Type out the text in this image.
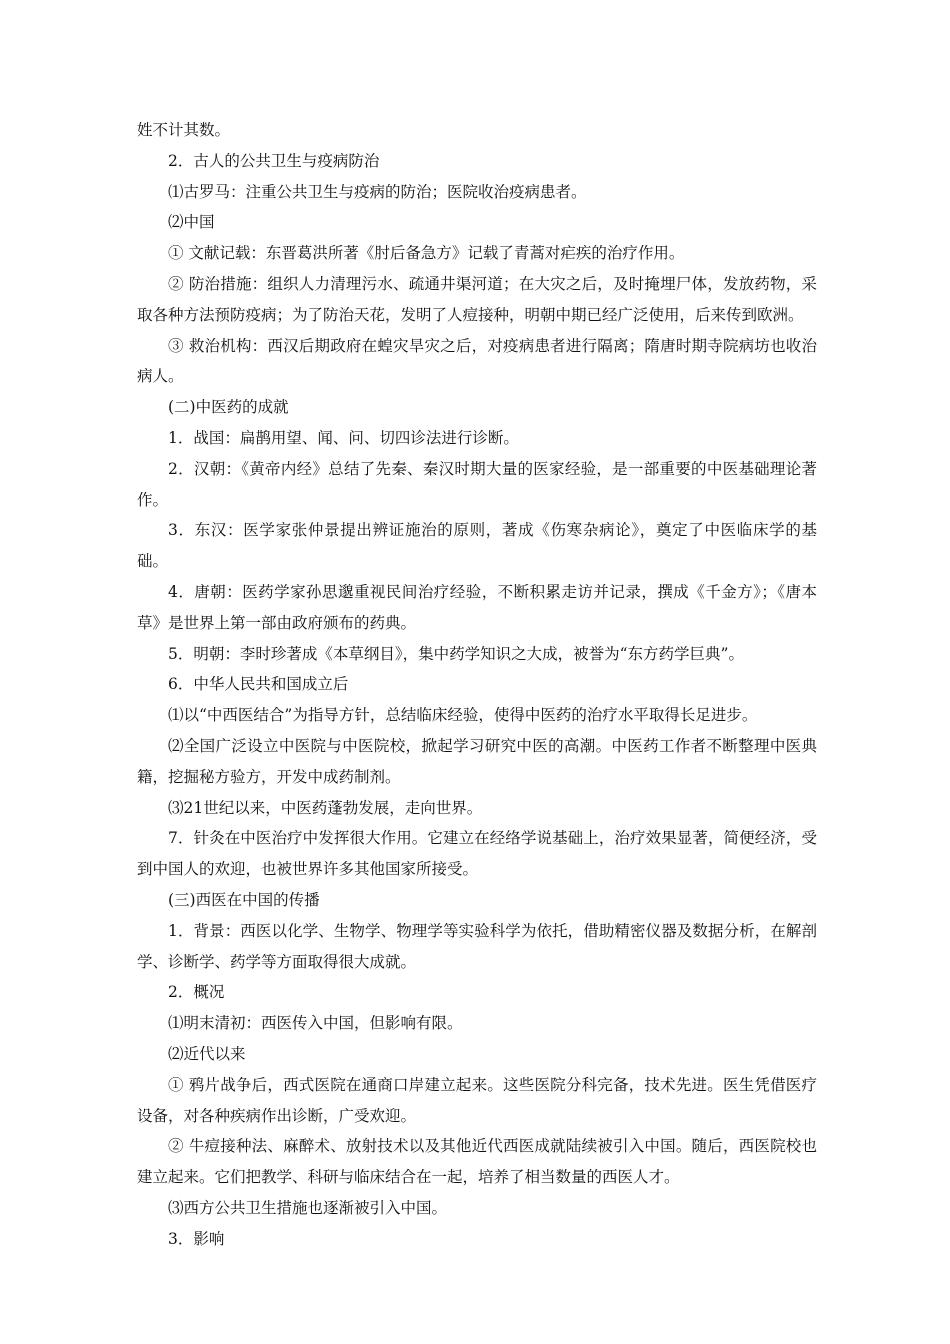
姓不计其数。

2．古人的公共卫生与疫病防治

⑴古罗马：注重公共卫生与疫病的防治；医院收治疫病患者。

⑵中国

① 文献记载：东晋葛洪所著《肘后备急方》记载了青蒿对疟疾的治疗作用。

② 防治措施：组织人力清理污水、疏通井渠河道；在大灾之后，及时掩埋尸体，发放药物，采取各种方法预防疫病；为了防治天花，发明了人痘接种，明朝中期已经广泛使用，后来传到欧洲。

③ 救治机构：西汉后期政府在蝗灾旱灾之后，对疫病患者进行隔离；隋唐时期寺院病坊也收治病人。

(二)中医药的成就

1．战国：扁鹊用望、闻、问、切四诊法进行诊断。

2．汉朝：《黄帝内经》总结了先秦、秦汉时期大量的医家经验，是一部重要的中医基础理论著作。

3．东汉：医学家张仲景提出辨证施治的原则，著成《伤寒杂病论》，奠定了中医临床学的基础。

4．唐朝：医药学家孙思邈重视民间治疗经验，不断积累走访并记录，撰成《千金方》；《唐本草》是世界上第一部由政府颁布的药典。

5．明朝：李时珍著成《本草纲目》，集中药学知识之大成，被誉为“东方药学巨典”。

6．中华人民共和国成立后

⑴以“中西医结合”为指导方针，总结临床经验，使得中医药的治疗水平取得长足进步。

⑵全国广泛设立中医院与中医院校，掀起学习研究中医的高潮。中医药工作者不断整理中医典籍，挖掘秘方验方，开发中成药制剂。

⑶21世纪以来，中医药蓬勃发展，走向世界。

7．针灸在中医治疗中发挥很大作用。它建立在经络学说基础上，治疗效果显著，简便经济，受到中国人的欢迎，也被世界许多其他国家所接受。

(三)西医在中国的传播

1．背景：西医以化学、生物学、物理学等实验科学为依托，借助精密仪器及数据分析，在解剖学、诊断学、药学等方面取得很大成就。

2．概况

⑴明末清初：西医传入中国，但影响有限。

⑵近代以来

① 鸦片战争后，西式医院在通商口岸建立起来。这些医院分科完备，技术先进。医生凭借医疗设备，对各种疾病作出诊断，广受欢迎。

② 牛痘接种法、麻醉术、放射技术以及其他近代西医成就陆续被引入中国。随后，西医院校也建立起来。它们把教学、科研与临床结合在一起，培养了相当数量的西医人才。

⑶西方公共卫生措施也逐渐被引入中国。

3．影响
